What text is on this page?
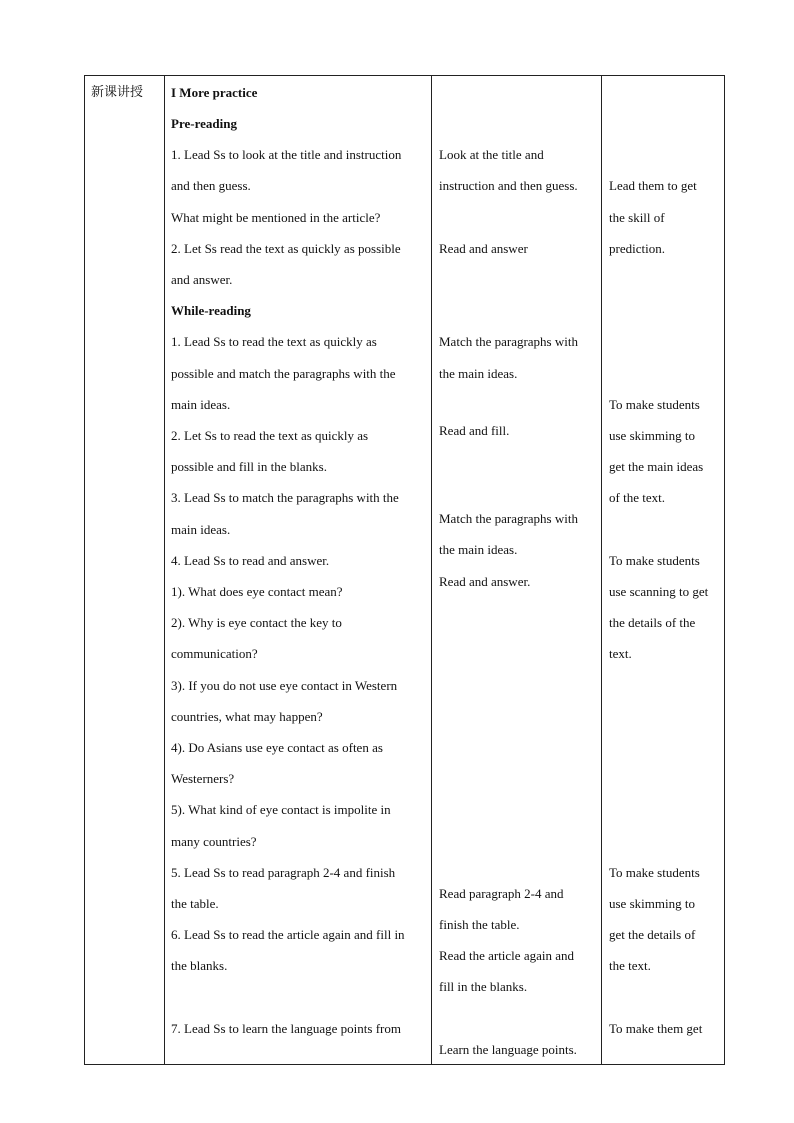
新课讲授 I More practice
Pre-reading
1. Lead Ss to look at the title and instruction
and then guess.
What might be mentioned in the article?
2. Let Ss read the text as quickly as possible
and answer.
While-reading
1. Lead Ss to read the text as quickly as
possible and match the paragraphs with the
main ideas.
2. Let Ss to read the text as quickly as
possible and fill in the blanks.
3. Lead Ss to match the paragraphs with the
main ideas.
4. Lead Ss to read and answer.
1). What does eye contact mean?
2). Why is eye contact the key to
communication?
3). If you do not use eye contact in Western
countries, what may happen?
4). Do Asians use eye contact as often as
Westerners?
5). What kind of eye contact is impolite in
many countries?
5. Lead Ss to read paragraph 2-4 and finish
the table.
6. Lead Ss to read the article again and fill in
the blanks.
7. Lead Ss to learn the language points from
Look at the title and
instruction and then guess.
Read and answer
Match the paragraphs with
the main ideas.
Read and fill.
Match the paragraphs with
the main ideas.
Read and answer.
Read paragraph 2-4 and
finish the table.
Read the article again and
fill in the blanks.
Learn the language points.
Lead them to get
the skill of
prediction.
To make students
use skimming to
get the main ideas
of the text.
To make students
use scanning to get
the details of the
text.
To make students
use skimming to
get the details of
the text.
To make them get
